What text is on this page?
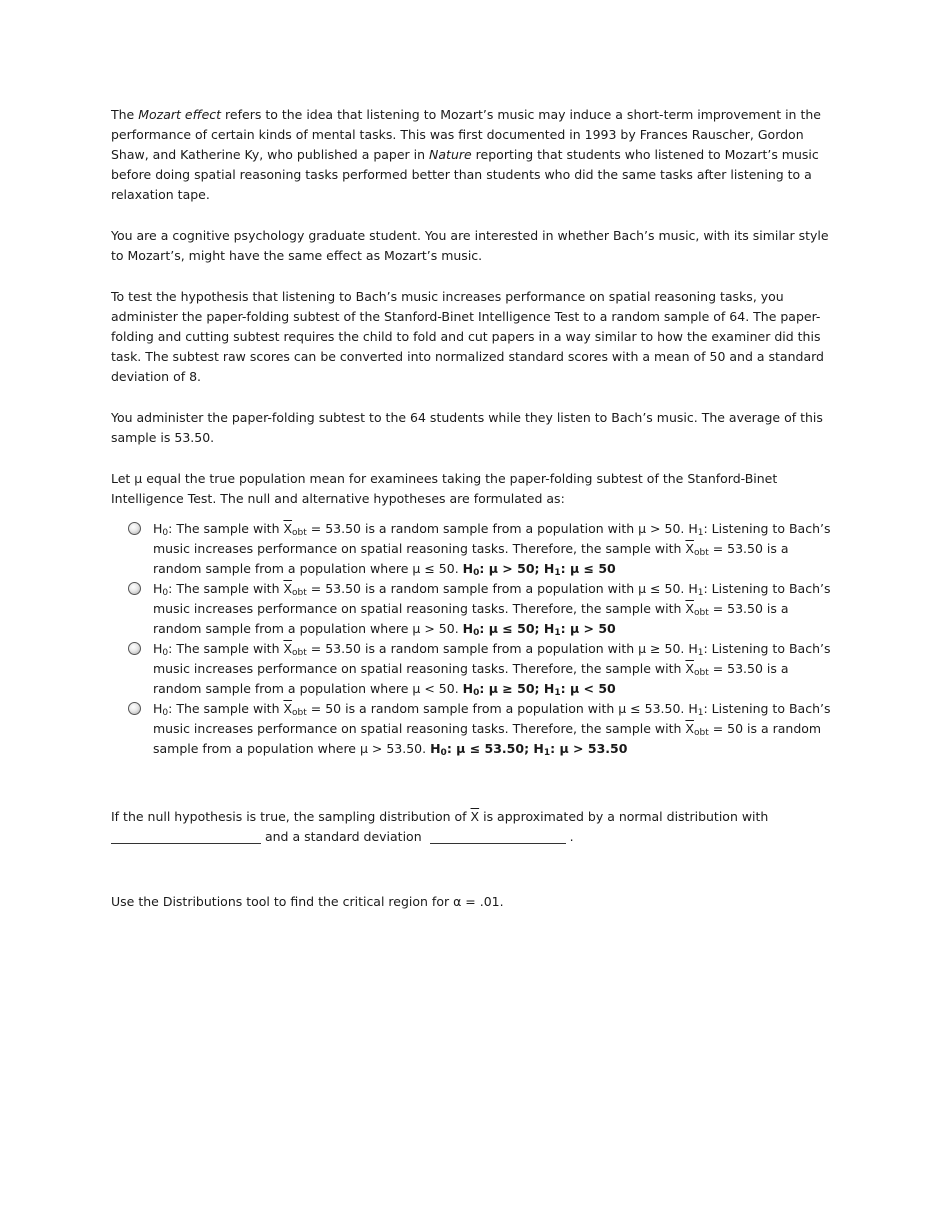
The Mozart effect refers to the idea that listening to Mozart’s music may induce a short-term improvement in the performance of certain kinds of mental tasks. This was first documented in 1993 by Frances Rauscher, Gordon Shaw, and Katherine Ky, who published a paper in Nature reporting that students who listened to Mozart’s music before doing spatial reasoning tasks performed better than students who did the same tasks after listening to a relaxation tape.

You are a cognitive psychology graduate student. You are interested in whether Bach’s music, with its similar style to Mozart’s, might have the same effect as Mozart’s music.

To test the hypothesis that listening to Bach’s music increases performance on spatial reasoning tasks, you administer the paper-folding subtest of the Stanford-Binet Intelligence Test to a random sample of 64. The paper-folding and cutting subtest requires the child to fold and cut papers in a way similar to how the examiner did this task. The subtest raw scores can be converted into normalized standard scores with a mean of 50 and a standard deviation of 8.

You administer the paper-folding subtest to the 64 students while they listen to Bach’s music. The average of this sample is 53.50.

Let μ equal the true population mean for examinees taking the paper-folding subtest of the Stanford-Binet Intelligence Test. The null and alternative hypotheses are formulated as:

$H_0$: The sample with $\overline{X}_{obt} = 53.50$ is a random sample from a population with μ > 50. $H_1$: Listening to Bach’s music increases performance on spatial reasoning tasks. Therefore, the sample with $\overline{X}_{obt} = 53.50$ is a random sample from a population where μ ≤ 50. $H_0$: μ > 50; $H_1$: μ ≤ 50
$H_0$: The sample with $\overline{X}_{obt} = 53.50$ is a random sample from a population with μ ≤ 50. $H_1$: Listening to Bach’s music increases performance on spatial reasoning tasks. Therefore, the sample with $\overline{X}_{obt} = 53.50$ is a random sample from a population where μ > 50. $H_0$: μ ≤ 50; $H_1$: μ > 50
$H_0$: The sample with $\overline{X}_{obt} = 53.50$ is a random sample from a population with μ ≥ 50. $H_1$: Listening to Bach’s music increases performance on spatial reasoning tasks. Therefore, the sample with $\overline{X}_{obt} = 53.50$ is a random sample from a population where μ < 50. $H_0$: μ ≥ 50; $H_1$: μ < 50
$H_0$: The sample with $\overline{X}_{obt} = 50$ is a random sample from a population with μ ≤ 53.50. $H_1$: Listening to Bach’s music increases performance on spatial reasoning tasks. Therefore, the sample with $\overline{X}_{obt} = 50$ is a random sample from a population where μ > 53.50. $H_0$: μ ≤ 53.50; $H_1$: μ > 53.50

If the null hypothesis is true, the sampling distribution of $\overline{X}$ is approximated by a normal distribution with
and a standard deviation	.

Use the Distributions tool to find the critical region for α = .01.
